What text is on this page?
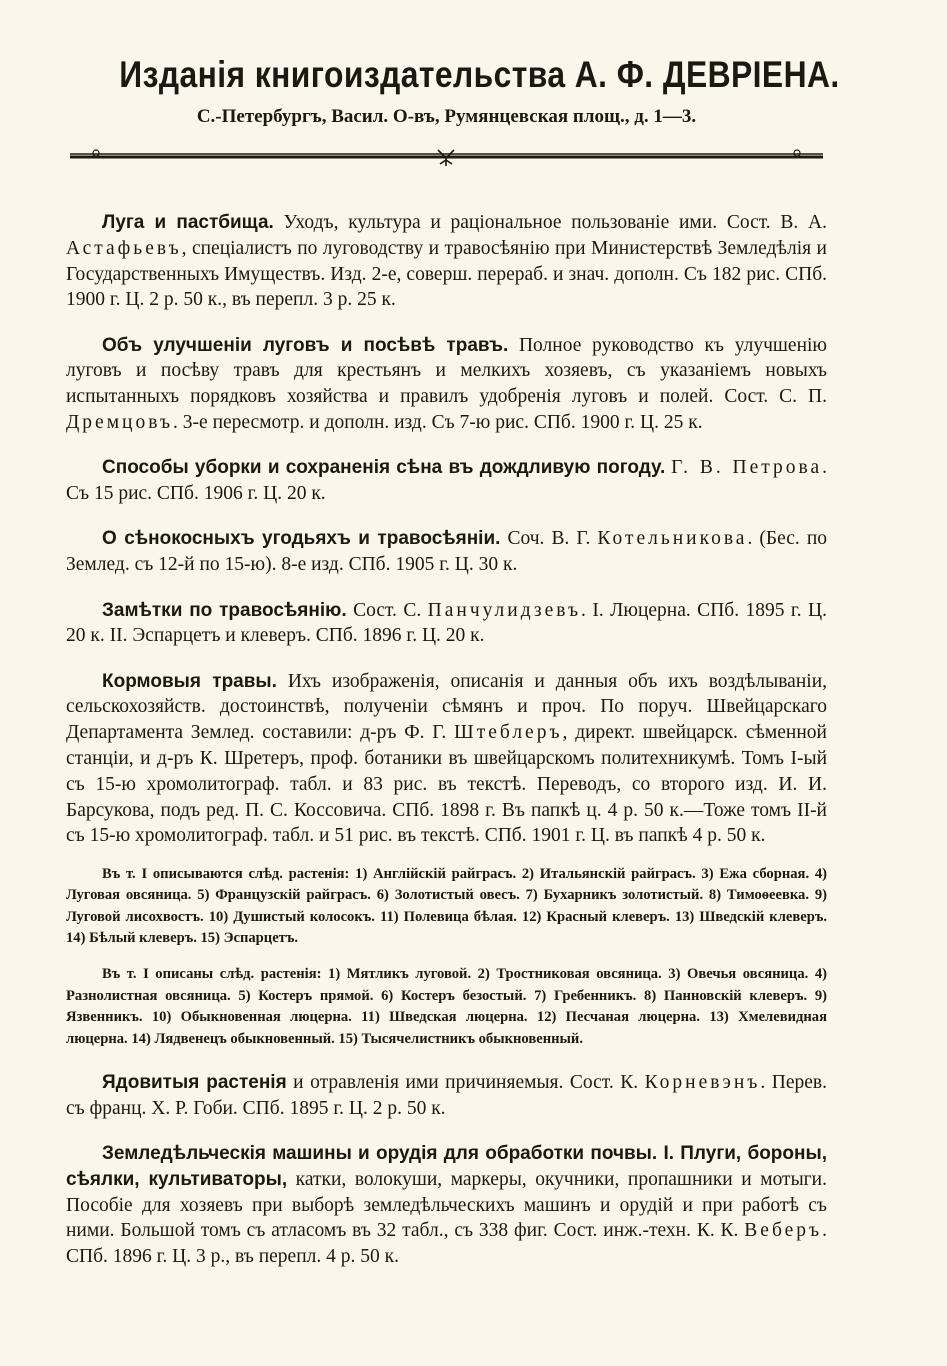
Изданія книгоиздательства А. Ф. ДЕВРІЕНА.
С.-Петербургъ, Васил. О-въ, Румянцевская площ., д. 1—3.

Луга и пастбища. Уходъ, культура и раціональное пользованіе ими. Сост. В. А. Астафьевъ, спеціалистъ по луговодству и травосѣянію при Министерствѣ Земледѣлія и Государственныхъ Имуществъ. Изд. 2-е, соверш. перераб. и знач. дополн. Съ 182 рис. СПб. 1900 г. Ц. 2 р. 50 к., въ перепл. 3 р. 25 к.

Объ улучшеніи луговъ и посѣвѣ травъ. Полное руководство къ улучшенію луговъ и посѣву травъ для крестьянъ и мелкихъ хозяевъ, съ указаніемъ новыхъ испытанныхъ порядковъ хозяйства и правилъ удобренія луговъ и полей. Сост. С. П. Дремцовъ. 3-е пересмотр. и дополн. изд. Съ 7-ю рис. СПб. 1900 г. Ц. 25 к.

Способы уборки и сохраненія сѣна въ дождливую погоду. Г. В. Петрова. Съ 15 рис. СПб. 1906 г. Ц. 20 к.

О сѣнокосныхъ угодьяхъ и травосѣяніи. Соч. В. Г. Котельникова. (Бес. по Землед. съ 12-й по 15-ю). 8-е изд. СПб. 1905 г. Ц. 30 к.

Замѣтки по травосѣянію. Сост. С. Панчулидзевъ. I. Люцерна. СПб. 1895 г. Ц. 20 к. II. Эспарцетъ и клеверъ. СПб. 1896 г. Ц. 20 к.

Кормовыя травы. Ихъ изображенія, описанія и данныя объ ихъ воздѣлываніи, сельскохозяйств. достоинствѣ, полученіи сѣмянъ и проч. По поруч. Швейцарскаго Департамента Землед. составили: д-ръ Ф. Г. Штеблеръ, директ. швейцарск. сѣменной станціи, и д-ръ К. Шретеръ, проф. ботаники въ швейцарскомъ политехникумѣ. Томъ I-ый съ 15-ю хромолитограф. табл. и 83 рис. въ текстѣ. Переводъ, со второго изд. И. И. Барсукова, подъ ред. П. С. Коссовича. СПб. 1898 г. Въ папкѣ ц. 4 р. 50 к.—Тоже томъ II-й съ 15-ю хромолитограф. табл. и 51 рис. въ текстѣ. СПб. 1901 г. Ц. въ папкѣ 4 р. 50 к.

Въ т. I описываются слѣд. растенія: 1) Англійскій райграсъ. 2) Итальянскій райграсъ. 3) Ежа сборная. 4) Луговая овсяница. 5) Французскій райграсъ. 6) Золотистый овесъ. 7) Бухарникъ золотистый. 8) Тимоѳеевка. 9) Луговой лисохвостъ. 10) Душистый колосокъ. 11) Полевица бѣлая. 12) Красный клеверъ. 13) Шведскій клеверъ. 14) Бѣлый клеверъ. 15) Эспарцетъ.

Въ т. I описаны слѣд. растенія: 1) Мятликъ луговой. 2) Тростниковая овсяница. 3) Овечья овсяница. 4) Разнолистная овсяница. 5) Костеръ прямой. 6) Костеръ безостый. 7) Гребенникъ. 8) Панновскій клеверъ. 9) Язвенникъ. 10) Обыкновенная люцерна. 11) Шведская люцерна. 12) Песчаная люцерна. 13) Хмелевидная люцерна. 14) Лядвенецъ обыкновенный. 15) Тысячелистникъ обыкновенный.

Ядовитыя растенія и отравленія ими причиняемыя. Сост. К. Корневэнъ. Перев. съ франц. Х. Р. Гоби. СПб. 1895 г. Ц. 2 р. 50 к.

Земледѣльческія машины и орудія для обработки почвы. I. Плуги, бороны, сѣялки, культиваторы, катки, волокуши, маркеры, окучники, пропашники и мотыги. Пособіе для хозяевъ при выборѣ земледѣльческихъ машинъ и орудій и при работѣ съ ними. Большой томъ съ атласомъ въ 32 табл., съ 338 фиг. Сост. инж.-техн. К. К. Веберъ. СПб. 1896 г. Ц. 3 р., въ перепл. 4 р. 50 к.
